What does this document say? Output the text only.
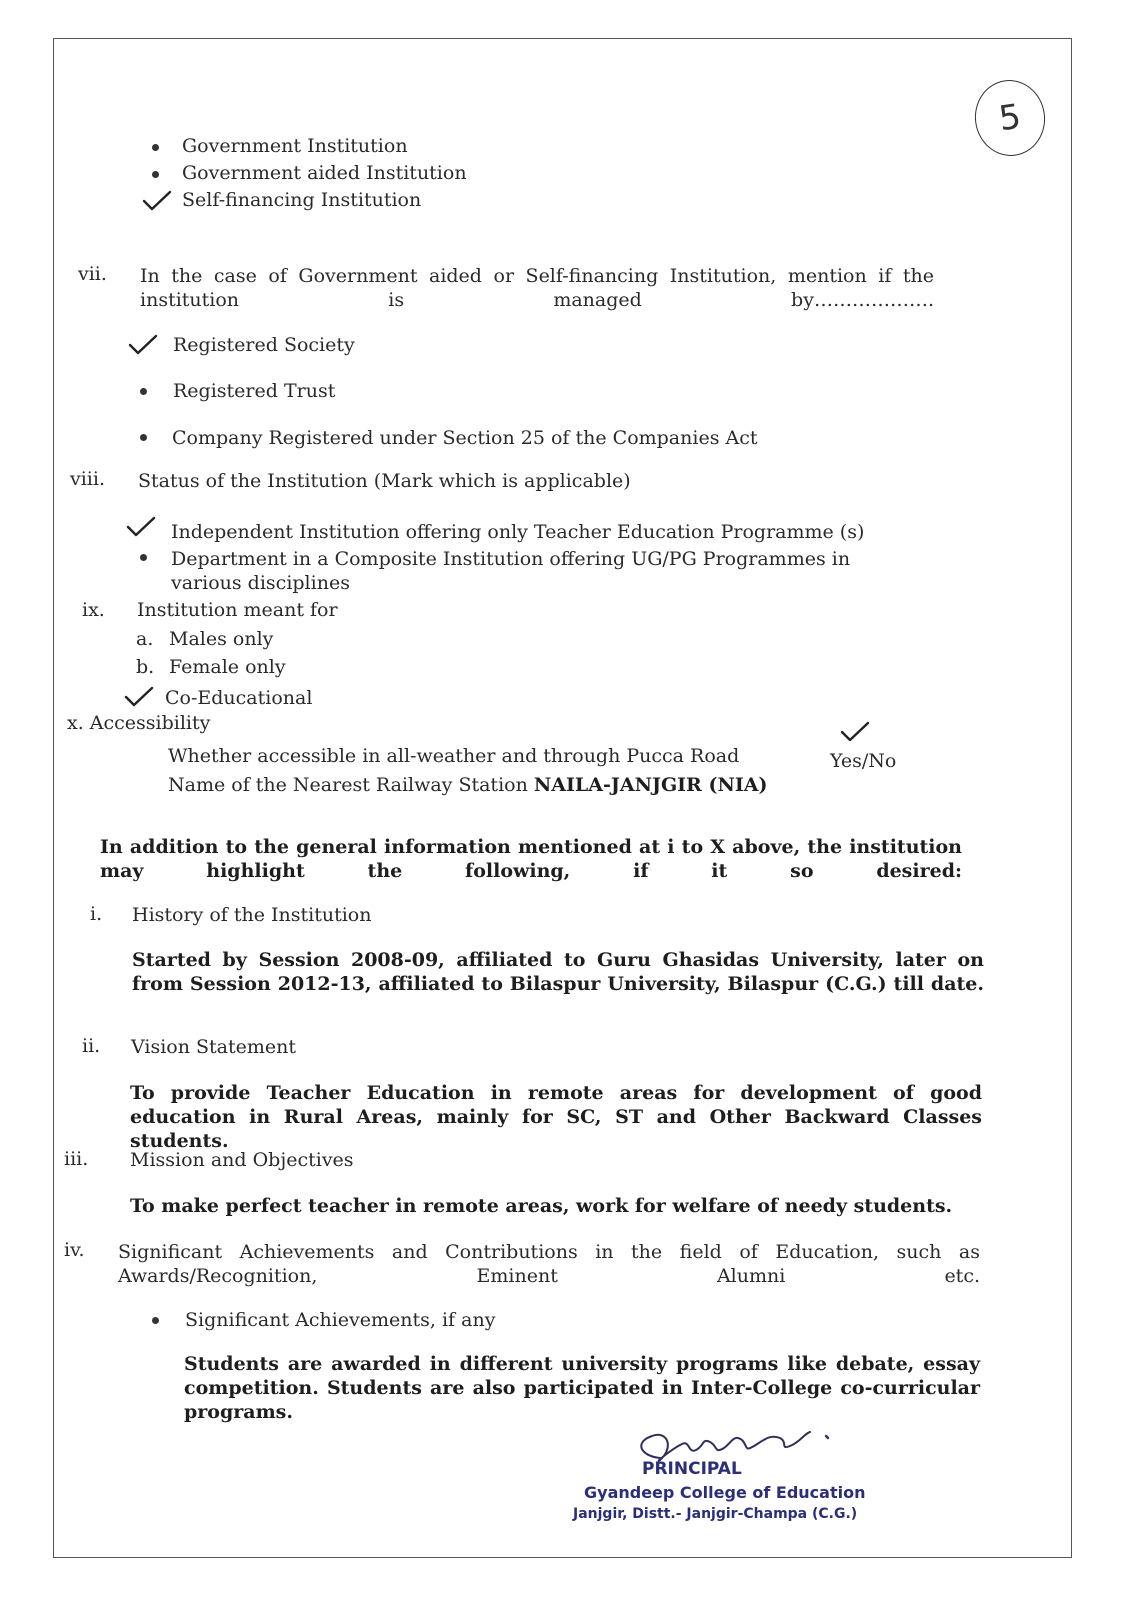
5
Government Institution
Government aided Institution
Self-financing Institution
vii. In the case of Government aided or Self-financing Institution, mention if the institution is managed by……………….
Registered Society
Registered Trust
Company Registered under Section 25 of the Companies Act
viii. Status of the Institution (Mark which is applicable)
Independent Institution offering only Teacher Education Programme (s)
Department in a Composite Institution offering UG/PG Programmes in various disciplines
ix. Institution meant for
a. Males only
b. Female only
Co-Educational
x. Accessibility
Whether accessible in all-weather and through Pucca Road	Yes/No
Name of the Nearest Railway Station NAILA-JANJGIR (NIA)
In addition to the general information mentioned at i to X above, the institution may highlight the following, if it so desired:
i. History of the Institution
Started by Session 2008-09, affiliated to Guru Ghasidas University, later on from Session 2012-13, affiliated to Bilaspur University, Bilaspur (C.G.) till date.
ii. Vision Statement
To provide Teacher Education in remote areas for development of good education in Rural Areas, mainly for SC, ST and Other Backward Classes students.
iii. Mission and Objectives
To make perfect teacher in remote areas, work for welfare of needy students.
iv. Significant Achievements and Contributions in the field of Education, such as Awards/Recognition, Eminent Alumni etc.
Significant Achievements, if any
Students are awarded in different university programs like debate, essay competition. Students are also participated in Inter-College co-curricular programs.
PRINCIPAL
Gyandeep College of Education
Janjgir, Distt.- Janjgir-Champa (C.G.)
